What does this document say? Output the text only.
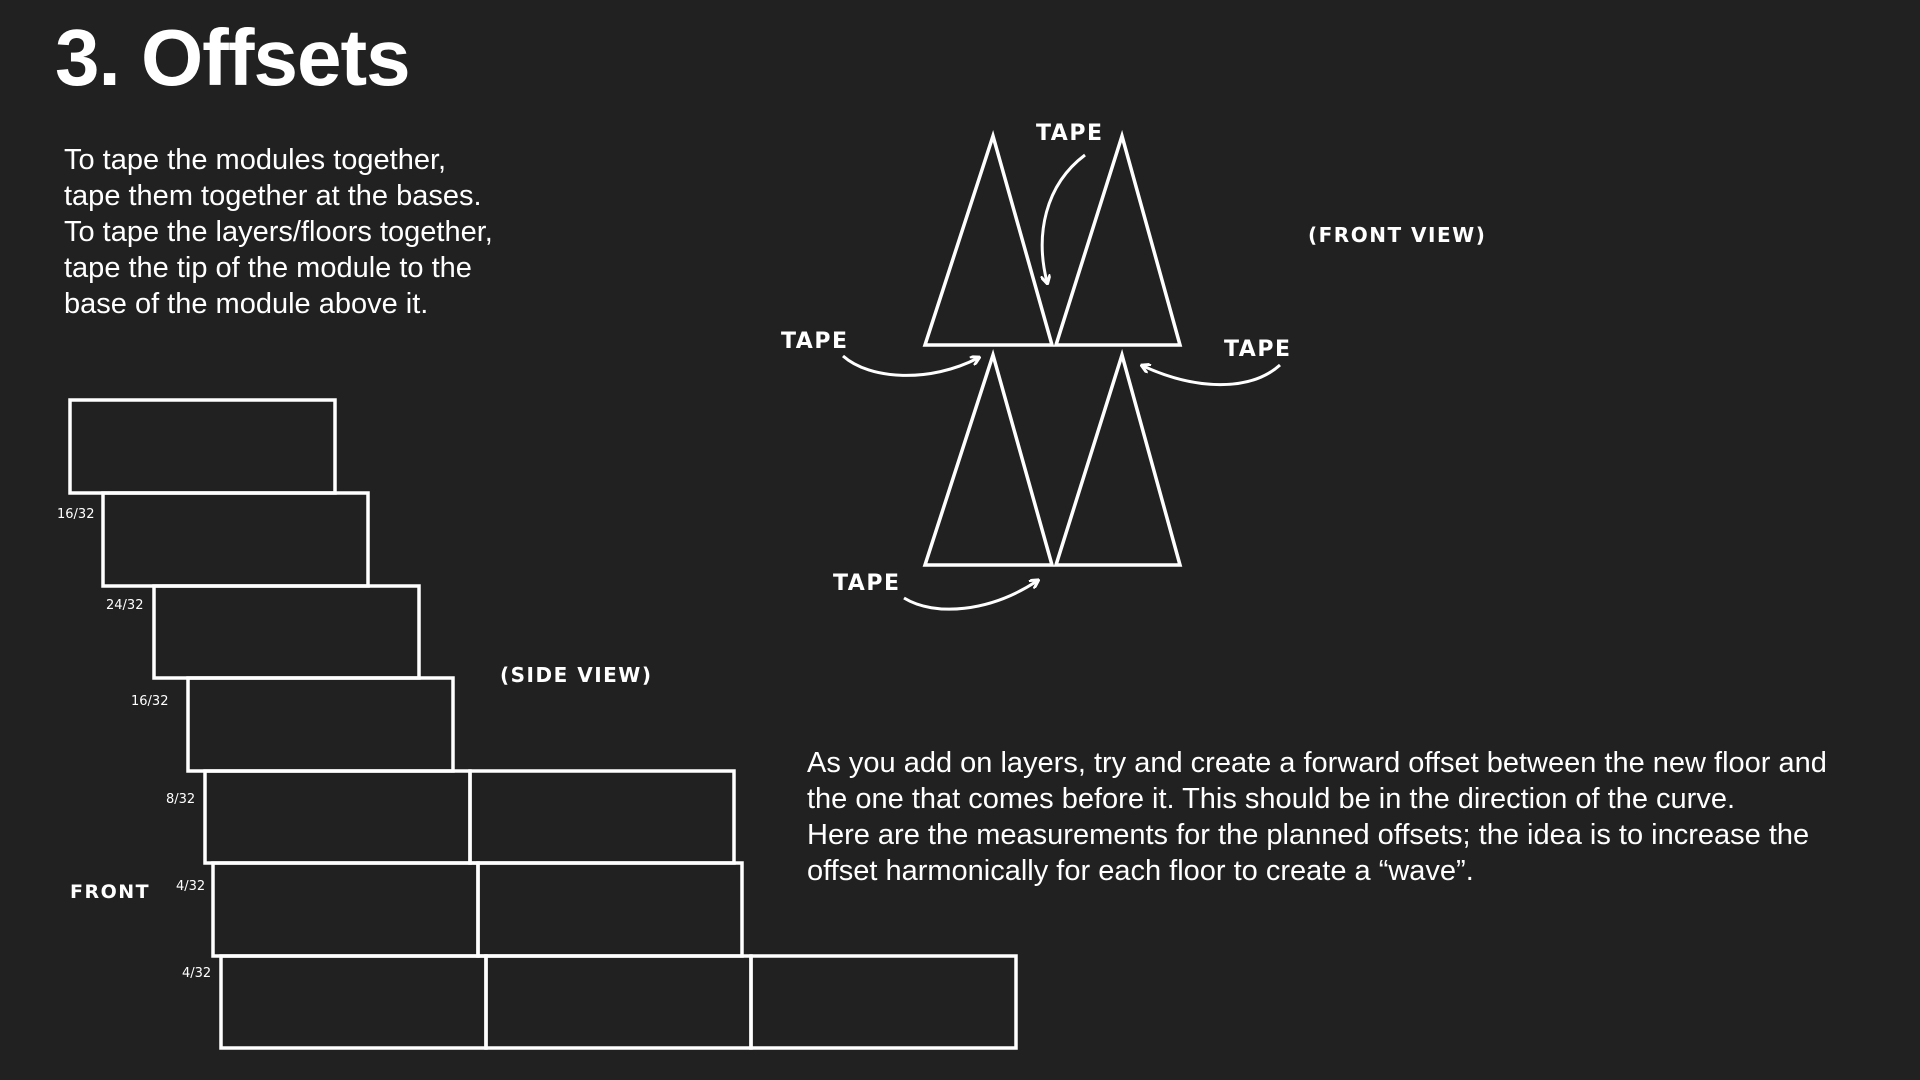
3. Offsets

To tape the modules together, tape them together at the bases. To tape the layers/floors together, tape the tip of the module to the base of the module above it.

16/32
24/32
16/32
8/32
4/32
4/32
FRONT
(SIDE VIEW)
TAPE
TAPE	TAPE
TAPE
(FRONT VIEW)
As you add on layers, try and create a forward offset between the new floor and
the one that comes before it. This should be in the direction of the curve.
Here are the measurements for the planned offsets; the idea is to increase the
offset harmonically for each floor to create a “wave”.
